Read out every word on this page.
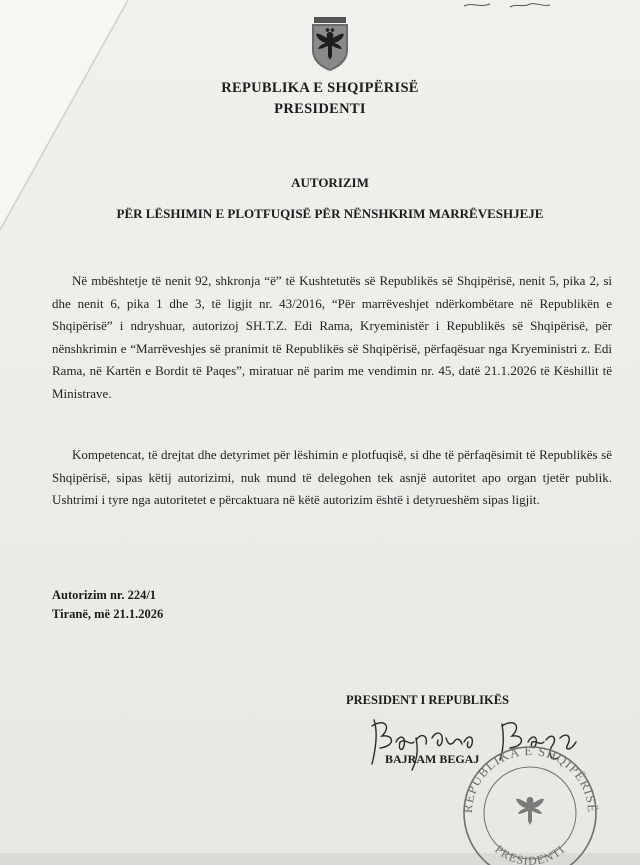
REPUBLIKA E SHQIPËRISË
PRESIDENTI
AUTORIZIM
PËR LËSHIMIN E PLOTFUQISË PËR NËNSHKRIM MARRËVESHJEJE
Në mbështetje të nenit 92, shkronja “ë” të Kushtetutës së Republikës së Shqipërisë, nenit 5, pika 2, si dhe nenit 6, pika 1 dhe 3, të ligjit nr. 43/2016, “Për marrëveshjet ndërkombëtare në Republikën e Shqipërisë” i ndryshuar, autorizoj SH.T.Z. Edi Rama, Kryeministër i Republikës së Shqipërisë, për nënshkrimin e “Marrëveshjes së pranimit të Republikës së Shqipërisë, përfaqësuar nga Kryeministri z. Edi Rama, në Kartën e Bordit të Paqes”, miratuar në parim me vendimin nr. 45, datë 21.1.2026 të Këshillit të Ministrave.
Kompetencat, të drejtat dhe detyrimet për lëshimin e plotfuqisë, si dhe të përfaqësimit të Republikës së Shqipërisë, sipas këtij autorizimi, nuk mund të delegohen tek asnjë autoritet apo organ tjetër publik. Ushtrimi i tyre nga autoritetet e përcaktuara në këtë autorizim është i detyrueshëm sipas ligjit.
Autorizim nr. 224/1
Tiranë, më 21.1.2026
PRESIDENT I REPUBLIKËS
BAJRAM BEGAJ
REPUBLIKA E SHQIPËRISË
PRESIDENTI
